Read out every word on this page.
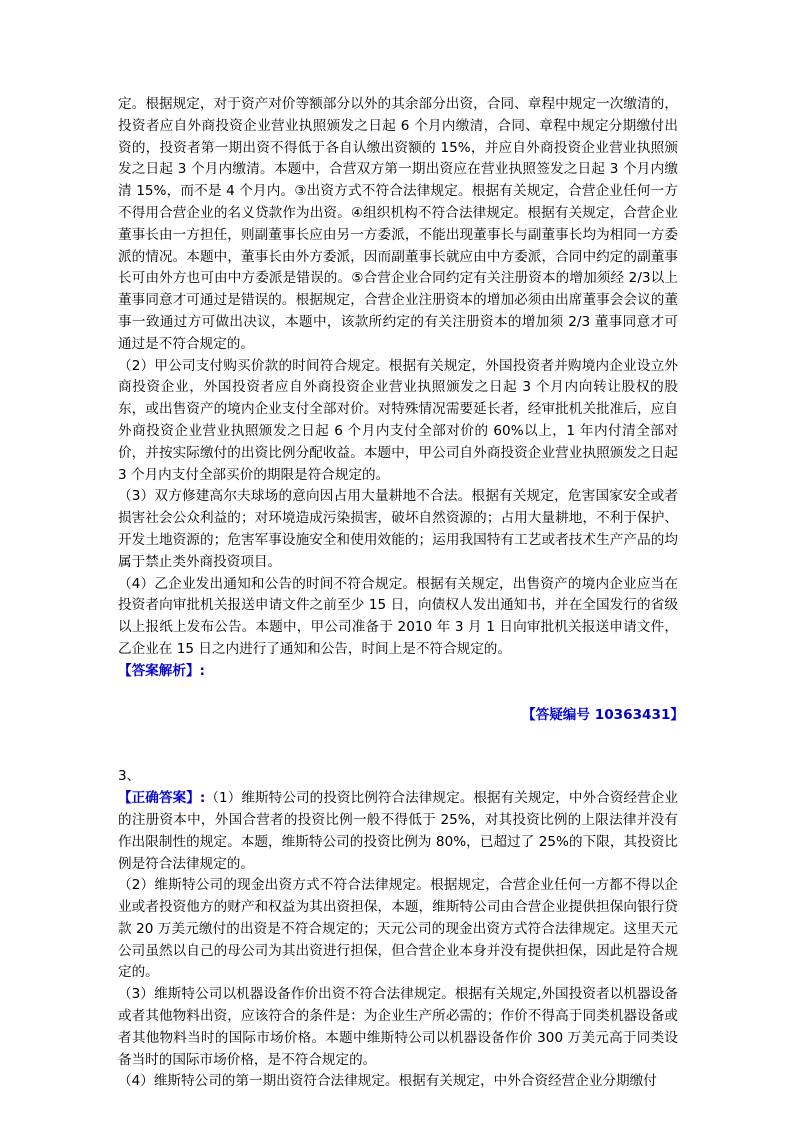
定。根据规定，对于资产对价等额部分以外的其余部分出资，合同、章程中规定一次缴清的，投资者应自外商投资企业营业执照颁发之日起 6 个月内缴清，合同、章程中规定分期缴付出资的，投资者第一期出资不得低于各自认缴出资额的 15%，并应自外商投资企业营业执照颁发之日起 3 个月内缴清。本题中，合营双方第一期出资应在营业执照签发之日起 3 个月内缴清 15%，而不是 4 个月内。③出资方式不符合法律规定。根据有关规定，合营企业任何一方不得用合营企业的名义贷款作为出资。④组织机构不符合法律规定。根据有关规定，合营企业董事长由一方担任，则副董事长应由另一方委派，不能出现董事长与副董事长均为相同一方委派的情况。本题中，董事长由外方委派，因而副董事长就应由中方委派，合同中约定的副董事长可由外方也可由中方委派是错误的。⑤合营企业合同约定有关注册资本的增加须经 2/3以上董事同意才可通过是错误的。根据规定，合营企业注册资本的增加必须由出席董事会会议的董事一致通过方可做出决议，本题中，该款所约定的有关注册资本的增加须 2/3 董事同意才可通过是不符合规定的。

（2）甲公司支付购买价款的时间符合规定。根据有关规定，外国投资者并购境内企业设立外商投资企业，外国投资者应自外商投资企业营业执照颁发之日起 3 个月内向转让股权的股东，或出售资产的境内企业支付全部对价。对特殊情况需要延长者，经审批机关批准后，应自外商投资企业营业执照颁发之日起 6 个月内支付全部对价的 60%以上，1 年内付清全部对价，并按实际缴付的出资比例分配收益。本题中，甲公司自外商投资企业营业执照颁发之日起 3 个月内支付全部买价的期限是符合规定的。

（3）双方修建高尔夫球场的意向因占用大量耕地不合法。根据有关规定，危害国家安全或者损害社会公众利益的；对环境造成污染损害，破坏自然资源的；占用大量耕地，不利于保护、开发土地资源的；危害军事设施安全和使用效能的；运用我国特有工艺或者技术生产产品的均属于禁止类外商投资项目。

（4）乙企业发出通知和公告的时间不符合规定。根据有关规定，出售资产的境内企业应当在投资者向审批机关报送申请文件之前至少 15 日，向债权人发出通知书，并在全国发行的省级以上报纸上发布公告。本题中，甲公司准备于 2010 年 3 月 1 日向审批机关报送申请文件，乙企业在 15 日之内进行了通知和公告，时间上是不符合规定的。

【答案解析】:

【答疑编号 10363431】

3、

【正确答案】:（1）维斯特公司的投资比例符合法律规定。根据有关规定，中外合资经营企业的注册资本中，外国合营者的投资比例一般不得低于 25%，对其投资比例的上限法律并没有作出限制性的规定。本题，维斯特公司的投资比例为 80%，已超过了 25%的下限，其投资比例是符合法律规定的。

（2）维斯特公司的现金出资方式不符合法律规定。根据规定，合营企业任何一方都不得以企业或者投资他方的财产和权益为其出资担保，本题，维斯特公司由合营企业提供担保向银行贷款 20 万美元缴付的出资是不符合规定的；天元公司的现金出资方式符合法律规定。这里天元公司虽然以自己的母公司为其出资进行担保，但合营企业本身并没有提供担保，因此是符合规定的。

（3）维斯特公司以机器设备作价出资不符合法律规定。根据有关规定,外国投资者以机器设备或者其他物料出资，应该符合的条件是：为企业生产所必需的；作价不得高于同类机器设备或者其他物料当时的国际市场价格。本题中维斯特公司以机器设备作价 300 万美元高于同类设备当时的国际市场价格，是不符合规定的。

（4）维斯特公司的第一期出资符合法律规定。根据有关规定，中外合资经营企业分期缴付
